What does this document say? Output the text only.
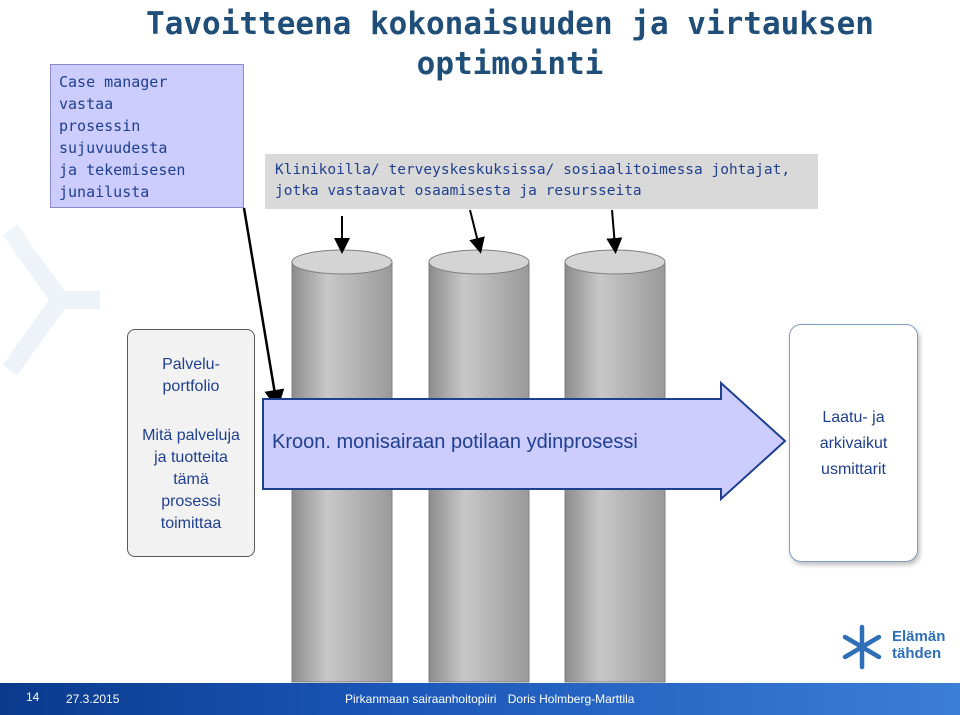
Tavoitteena kokonaisuuden ja virtauksen
optimointi
Case manager
vastaa
prosessin
sujuvuudesta
ja tekemisesen
junailusta
Klinikoilla/ terveyskeskuksissa/ sosiaalitoimessa johtajat,
jotka vastaavat osaamisesta ja resursseita
Palvelu-
portfolio
Mitä palveluja
ja tuotteita
tämä
prosessi
toimittaa
Kroon. monisairaan potilaan ydinprosessi
Laatu- ja
arkivaikut
usmittarit
Elämän
tähden
14 27.3.2015	Pirkanmaan sairaanhoitopiiri Doris Holmberg-Marttila
